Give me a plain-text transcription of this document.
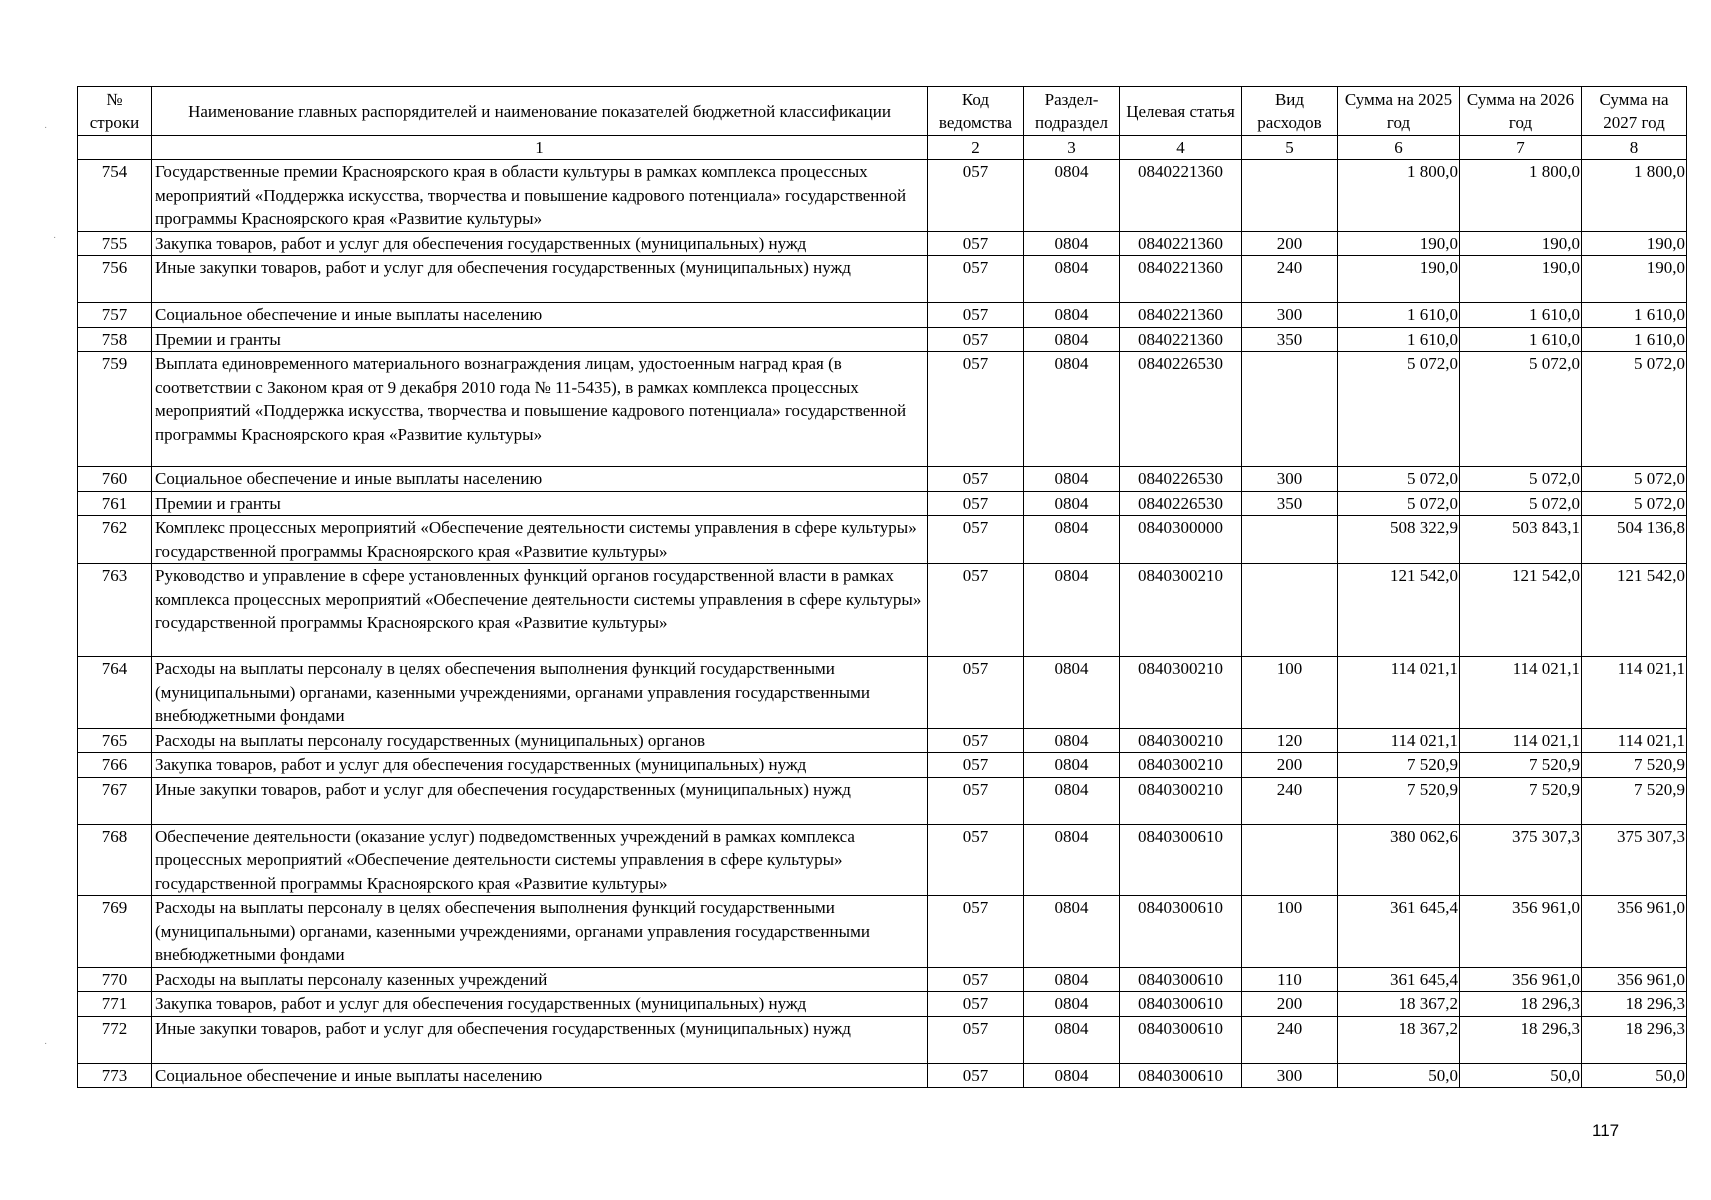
№ строки	Наименование главных распорядителей и наименование показателей бюджетной классификации	Код ведомства	Раздел-подраздел	Целевая статья	Вид расходов	Сумма на 2025 год	Сумма на 2026 год	Сумма на 2027 год
	1	2	3	4	5	6	7	8
754	Государственные премии Красноярского края в области культуры в рамках комплекса процессных мероприятий «Поддержка искусства, творчества и повышение кадрового потенциала» государственной программы Красноярского края «Развитие культуры»	057	0804	0840221360		1 800,0	1 800,0	1 800,0
755	Закупка товаров, работ и услуг для обеспечения государственных (муниципальных) нужд	057	0804	0840221360	200	190,0	190,0	190,0
756	Иные закупки товаров, работ и услуг для обеспечения государственных (муниципальных) нужд	057	0804	0840221360	240	190,0	190,0	190,0
757	Социальное обеспечение и иные выплаты населению	057	0804	0840221360	300	1 610,0	1 610,0	1 610,0
758	Премии и гранты	057	0804	0840221360	350	1 610,0	1 610,0	1 610,0
759	Выплата единовременного материального вознаграждения лицам, удостоенным наград края (в соответствии с Законом края от 9 декабря 2010 года № 11-5435), в рамках комплекса процессных мероприятий «Поддержка искусства, творчества и повышение кадрового потенциала» государственной программы Красноярского края «Развитие культуры»	057	0804	0840226530		5 072,0	5 072,0	5 072,0
760	Социальное обеспечение и иные выплаты населению	057	0804	0840226530	300	5 072,0	5 072,0	5 072,0
761	Премии и гранты	057	0804	0840226530	350	5 072,0	5 072,0	5 072,0
762	Комплекс процессных мероприятий «Обеспечение деятельности системы управления в сфере культуры» государственной программы Красноярского края «Развитие культуры»	057	0804	0840300000		508 322,9	503 843,1	504 136,8
763	Руководство и управление в сфере установленных функций органов государственной власти в рамках комплекса процессных мероприятий «Обеспечение деятельности системы управления в сфере культуры» государственной программы Красноярского края «Развитие культуры»	057	0804	0840300210		121 542,0	121 542,0	121 542,0
764	Расходы на выплаты персоналу в целях обеспечения выполнения функций государственными (муниципальными) органами, казенными учреждениями, органами управления государственными внебюджетными фондами	057	0804	0840300210	100	114 021,1	114 021,1	114 021,1
765	Расходы на выплаты персоналу государственных (муниципальных) органов	057	0804	0840300210	120	114 021,1	114 021,1	114 021,1
766	Закупка товаров, работ и услуг для обеспечения государственных (муниципальных) нужд	057	0804	0840300210	200	7 520,9	7 520,9	7 520,9
767	Иные закупки товаров, работ и услуг для обеспечения государственных (муниципальных) нужд	057	0804	0840300210	240	7 520,9	7 520,9	7 520,9
768	Обеспечение деятельности (оказание услуг) подведомственных учреждений в рамках комплекса процессных мероприятий «Обеспечение деятельности системы управления в сфере культуры» государственной программы Красноярского края «Развитие культуры»	057	0804	0840300610		380 062,6	375 307,3	375 307,3
769	Расходы на выплаты персоналу в целях обеспечения выполнения функций государственными (муниципальными) органами, казенными учреждениями, органами управления государственными внебюджетными фондами	057	0804	0840300610	100	361 645,4	356 961,0	356 961,0
770	Расходы на выплаты персоналу казенных учреждений	057	0804	0840300610	110	361 645,4	356 961,0	356 961,0
771	Закупка товаров, работ и услуг для обеспечения государственных (муниципальных) нужд	057	0804	0840300610	200	18 367,2	18 296,3	18 296,3
772	Иные закупки товаров, работ и услуг для обеспечения государственных (муниципальных) нужд	057	0804	0840300610	240	18 367,2	18 296,3	18 296,3
773	Социальное обеспечение и иные выплаты населению	057	0804	0840300610	300	50,0	50,0	50,0
117
·
·
·
